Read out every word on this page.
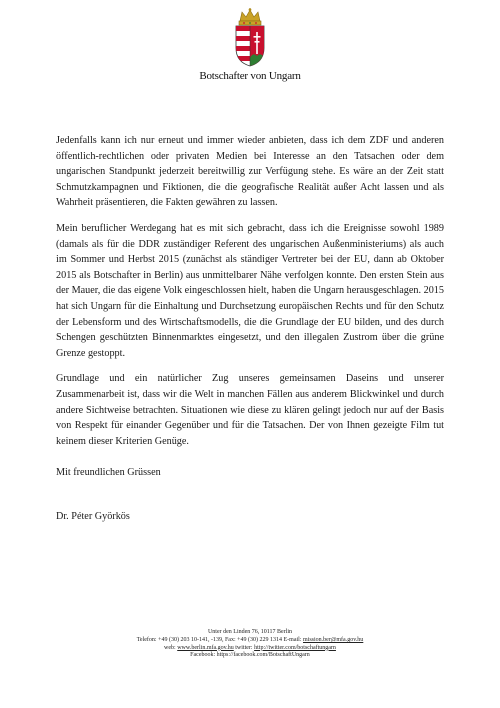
Botschafter von Ungarn

Jedenfalls kann ich nur erneut und immer wieder anbieten, dass ich dem ZDF und anderen öffentlich-rechtlichen oder privaten Medien bei Interesse an den Tatsachen oder dem ungarischen Standpunkt jederzeit bereitwillig zur Verfügung stehe. Es wäre an der Zeit statt Schmutzkampagnen und Fiktionen, die die geografische Realität außer Acht lassen und als Wahrheit präsentieren, die Fakten gewähren zu lassen.

Mein beruflicher Werdegang hat es mit sich gebracht, dass ich die Ereignisse sowohl 1989 (damals als für die DDR zuständiger Referent des ungarischen Außenministeriums) als auch im Sommer und Herbst 2015 (zunächst als ständiger Vertreter bei der EU, dann ab Oktober 2015 als Botschafter in Berlin) aus unmittelbarer Nähe verfolgen konnte. Den ersten Stein aus der Mauer, die das eigene Volk eingeschlossen hielt, haben die Ungarn herausgeschlagen. 2015 hat sich Ungarn für die Einhaltung und Durchsetzung europäischen Rechts und für den Schutz der Lebensform und des Wirtschaftsmodells, die die Grundlage der EU bilden, und des durch Schengen geschützten Binnenmarktes eingesetzt, und den illegalen Zustrom über die grüne Grenze gestoppt.

Grundlage und ein natürlicher Zug unseres gemeinsamen Daseins und unserer Zusammenarbeit ist, dass wir die Welt in manchen Fällen aus anderem Blickwinkel und durch andere Sichtweise betrachten. Situationen wie diese zu klären gelingt jedoch nur auf der Basis von Respekt für einander Gegenüber und für die Tatsachen. Der von Ihnen gezeigte Film tut keinem dieser Kriterien Genüge.

Mit freundlichen Grüssen

Dr. Péter Györkös

Unter den Linden 76, 10117 Berlin
Telefon: +49 (30) 203 10-141, -139, Fax: +49 (30) 229 1314 E-mail: mission.ber@mfa.gov.hu
web: www.berlin.mfa.gov.hu twitter: http://twitter.com/botschaftungarn
Facebook: https://facebook.com/BotschaftUngarn
